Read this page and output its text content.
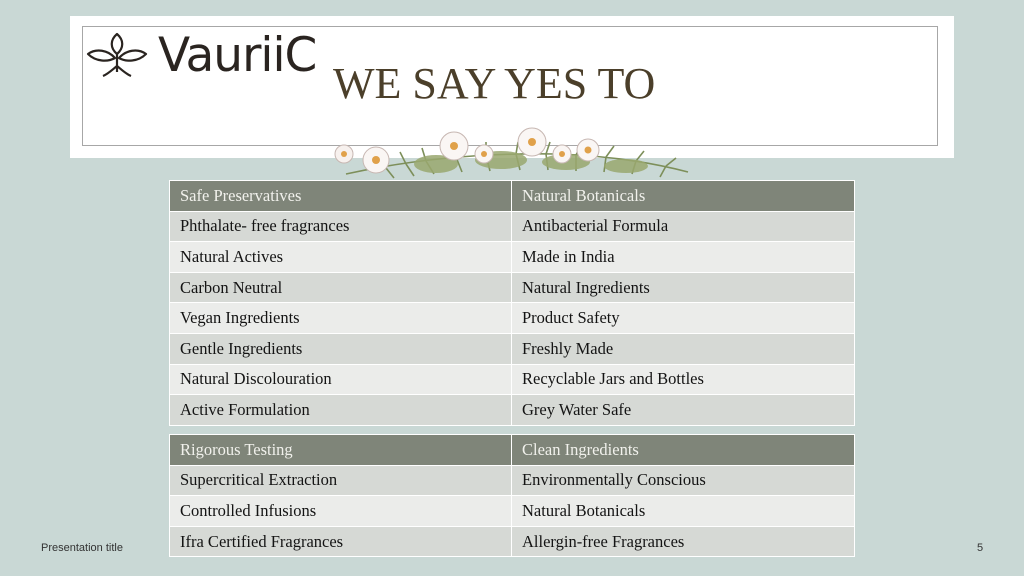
VauriiC
WE SAY YES TO
Safe Preservatives	Natural Botanicals
Phthalate- free fragrances	Antibacterial Formula
Natural Actives	Made in India
Carbon Neutral	Natural Ingredients
Vegan Ingredients	Product Safety
Gentle Ingredients	Freshly Made
Natural Discolouration	Recyclable Jars and Bottles
Active Formulation	Grey Water Safe
Rigorous Testing	Clean Ingredients
Supercritical Extraction	Environmentally Conscious
Controlled Infusions	Natural Botanicals
Ifra Certified Fragrances	Allergin-free Fragrances
Presentation title	5
